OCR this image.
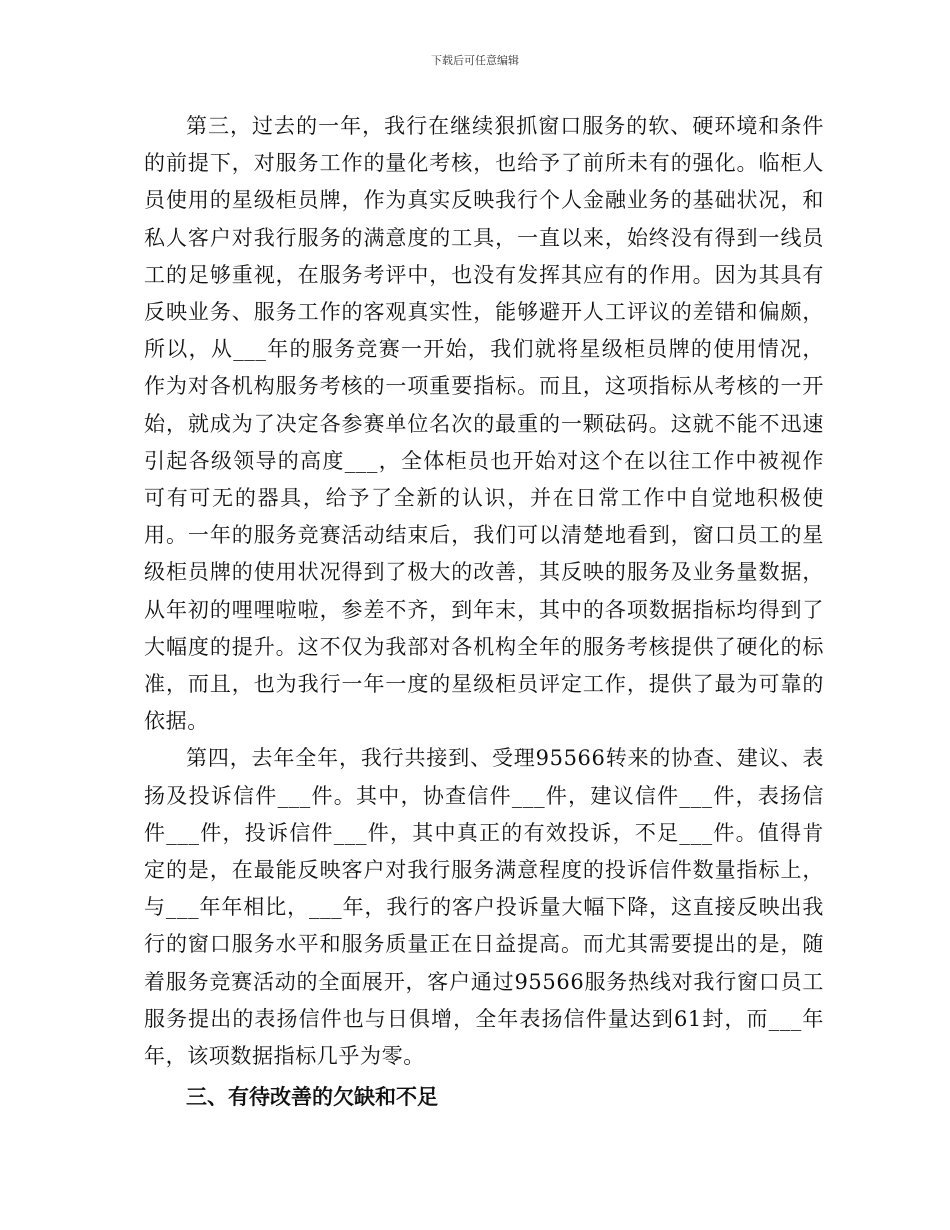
下载后可任意编辑

第三，过去的一年，我行在继续狠抓窗口服务的软、硬环境和条件的前提下，对服务工作的量化考核，也给予了前所未有的强化。临柜人员使用的星级柜员牌，作为真实反映我行个人金融业务的基础状况，和私人客户对我行服务的满意度的工具，一直以来，始终没有得到一线员工的足够重视，在服务考评中，也没有发挥其应有的作用。因为其具有反映业务、服务工作的客观真实性，能够避开人工评议的差错和偏颇，所以，从___年的服务竞赛一开始，我们就将星级柜员牌的使用情况，作为对各机构服务考核的一项重要指标。而且，这项指标从考核的一开始，就成为了决定各参赛单位名次的最重的一颗砝码。这就不能不迅速引起各级领导的高度___，全体柜员也开始对这个在以往工作中被视作可有可无的器具，给予了全新的认识，并在日常工作中自觉地积极使用。一年的服务竞赛活动结束后，我们可以清楚地看到，窗口员工的星级柜员牌的使用状况得到了极大的改善，其反映的服务及业务量数据，从年初的哩哩啦啦，参差不齐，到年末，其中的各项数据指标均得到了大幅度的提升。这不仅为我部对各机构全年的服务考核提供了硬化的标准，而且，也为我行一年一度的星级柜员评定工作，提供了最为可靠的依据。

第四，去年全年，我行共接到、受理95566转来的协查、建议、表扬及投诉信件___件。其中，协查信件___件，建议信件___件，表扬信件___件，投诉信件___件，其中真正的有效投诉，不足___件。值得肯定的是，在最能反映客户对我行服务满意程度的投诉信件数量指标上，与___年年相比，___年，我行的客户投诉量大幅下降，这直接反映出我行的窗口服务水平和服务质量正在日益提高。而尤其需要提出的是，随着服务竞赛活动的全面展开，客户通过95566服务热线对我行窗口员工服务提出的表扬信件也与日俱增，全年表扬信件量达到61封，而___年年，该项数据指标几乎为零。

三、有待改善的欠缺和不足
